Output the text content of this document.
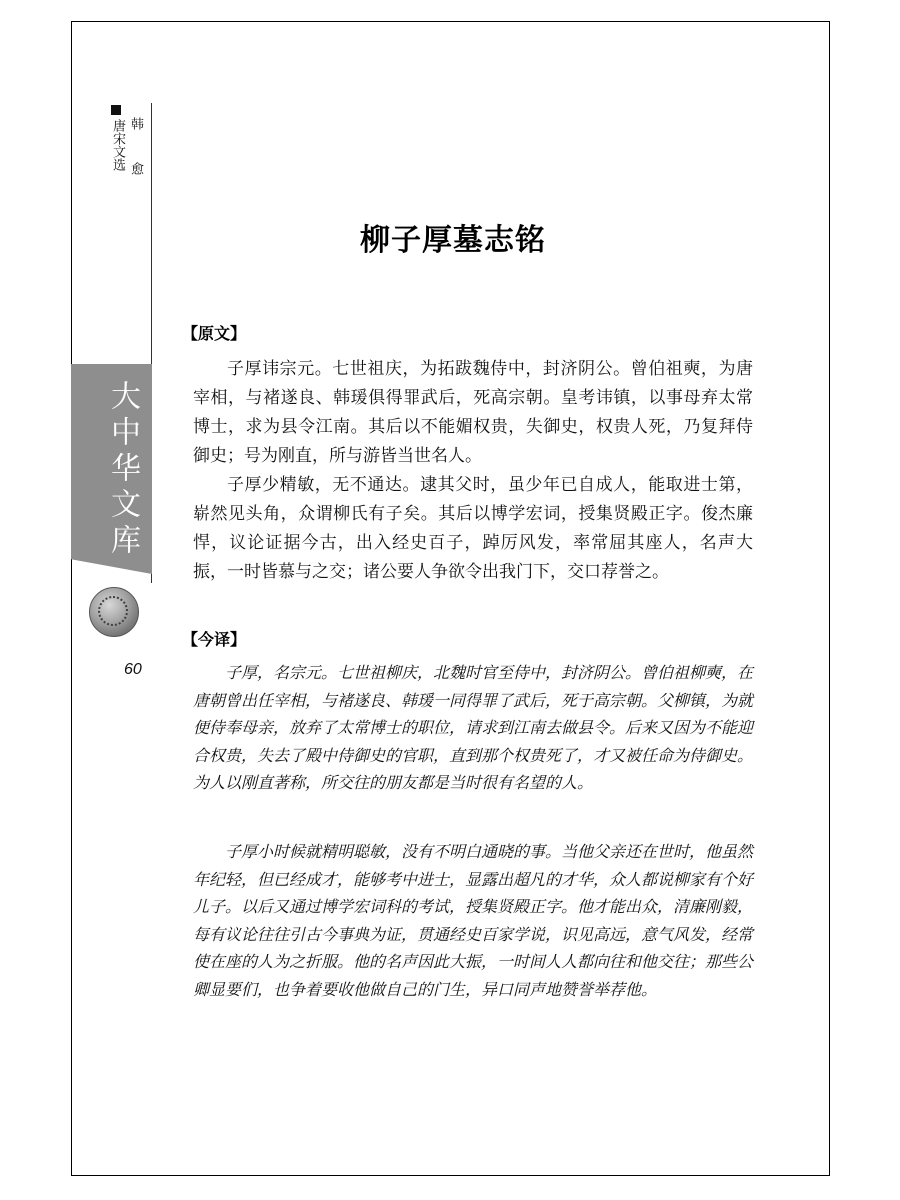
韩 愈
唐宋文选
大中华文库
60
柳子厚墓志铭
【原文】

子厚讳宗元。七世祖庆，为拓跋魏侍中，封济阴公。曾伯祖奭，为唐宰相，与褚遂良、韩瑗俱得罪武后，死高宗朝。皇考讳镇，以事母弃太常博士，求为县令江南。其后以不能媚权贵，失御史，权贵人死，乃复拜侍御史；号为刚直，所与游皆当世名人。

子厚少精敏，无不通达。逮其父时，虽少年已自成人，能取进士第，崭然见头角，众谓柳氏有子矣。其后以博学宏词，授集贤殿正字。俊杰廉悍，议论证据今古，出入经史百子，踔厉风发，率常屈其座人，名声大振，一时皆慕与之交；诸公要人争欲令出我门下，交口荐誉之。

【今译】

子厚，名宗元。七世祖柳庆，北魏时官至侍中，封济阴公。曾伯祖柳奭，在唐朝曾出任宰相，与褚遂良、韩瑗一同得罪了武后，死于高宗朝。父柳镇，为就便侍奉母亲，放弃了太常博士的职位，请求到江南去做县令。后来又因为不能迎合权贵，失去了殿中侍御史的官职，直到那个权贵死了，才又被任命为侍御史。为人以刚直著称，所交往的朋友都是当时很有名望的人。

子厚小时候就精明聪敏，没有不明白通晓的事。当他父亲还在世时，他虽然年纪轻，但已经成才，能够考中进士，显露出超凡的才华，众人都说柳家有个好儿子。以后又通过博学宏词科的考试，授集贤殿正字。他才能出众，清廉刚毅，每有议论往往引古今事典为证，贯通经史百家学说，识见高远，意气风发，经常使在座的人为之折服。他的名声因此大振，一时间人人都向往和他交往；那些公卿显要们，也争着要收他做自己的门生，异口同声地赞誉举荐他。
